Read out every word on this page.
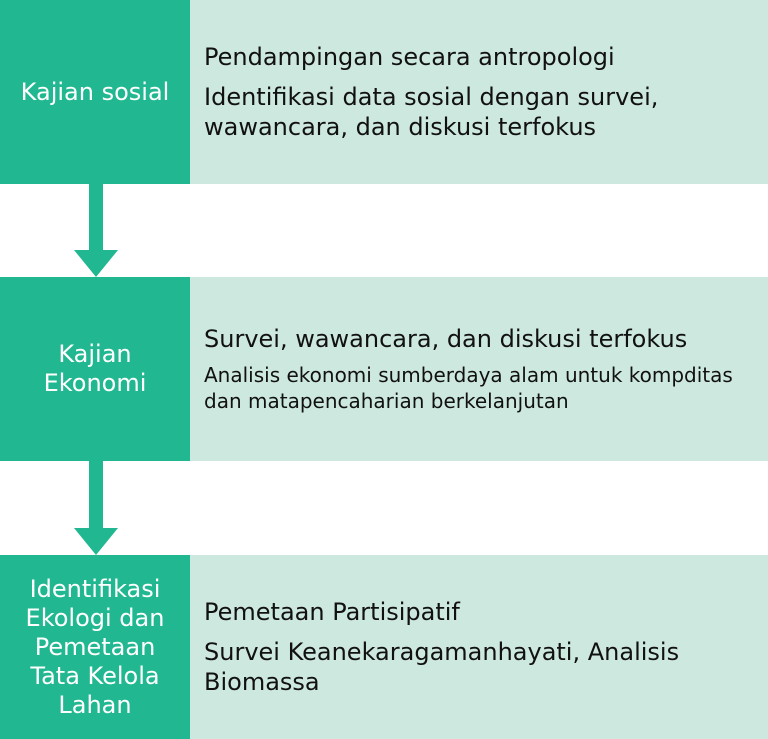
Kajian sosial
Pendampingan secara antropologi
Identifikasi data sosial dengan survei, wawancara, dan diskusi terfokus
Kajian Ekonomi
Survei, wawancara, dan diskusi terfokus
Analisis ekonomi sumberdaya alam untuk kompditas dan matapencaharian berkelanjutan
Identifikasi Ekologi dan Pemetaan Tata Kelola Lahan
Pemetaan Partisipatif
Survei Keanekaragamanhayati, Analisis Biomassa
